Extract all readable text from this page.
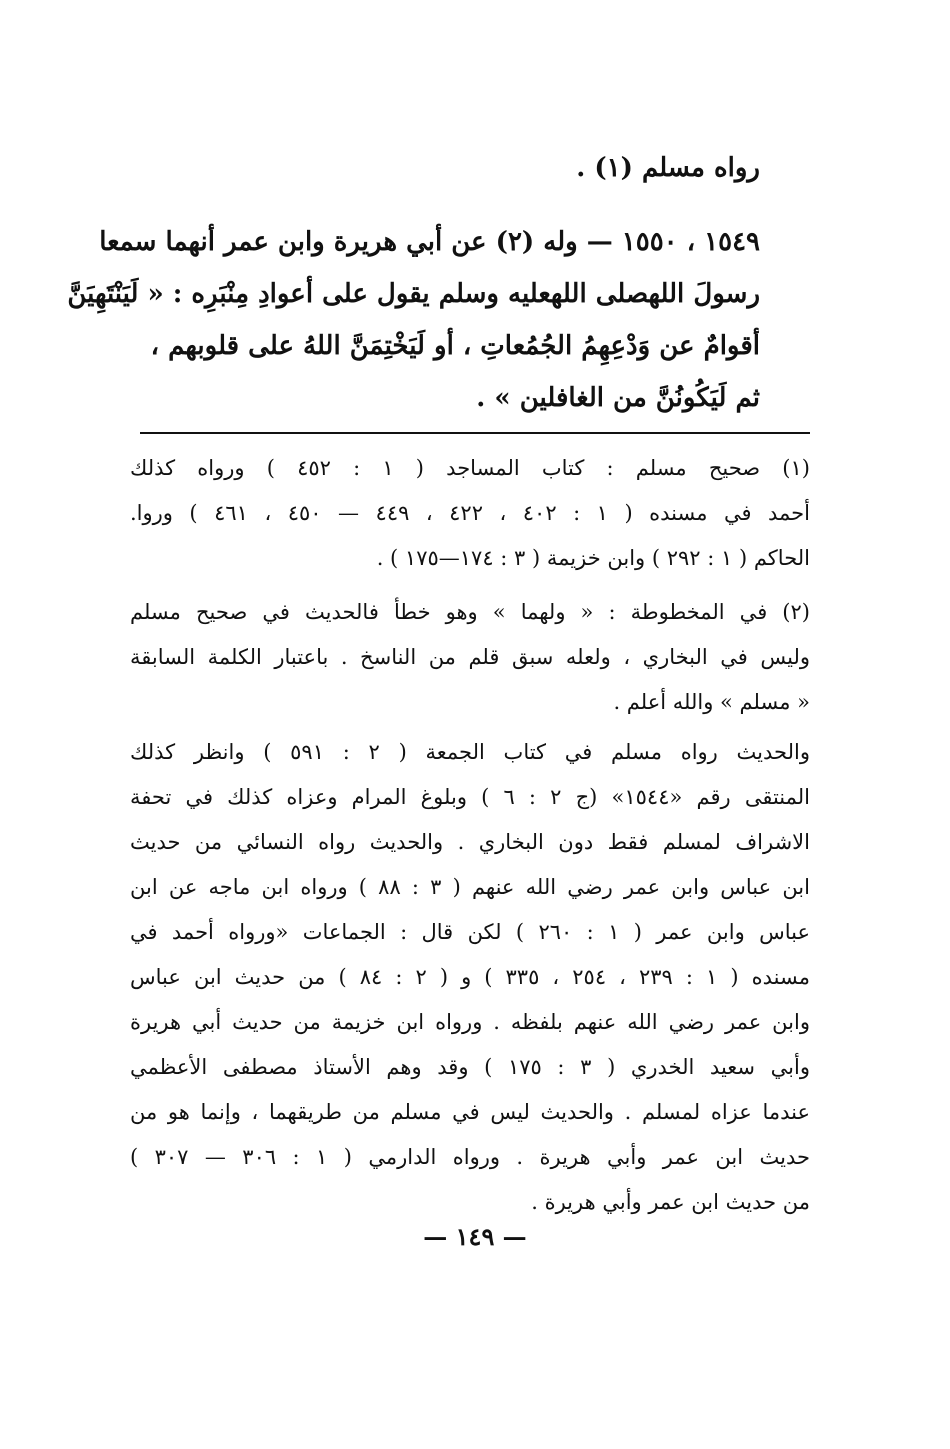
رواه مسلم (١) .
١٥٤٩ ، ١٥٥٠ — وله (٢) عن أبي هريرة وابن عمر أنهما سمعا
رسولَ اللهصلى اللهعليه وسلم يقول على أعوادِ مِنْبَرِه : « لَيَنْتَهِيَنَّ
أقوامٌ عن وَدْعِهِمُ الجُمُعاتِ ، أو لَيَخْتِمَنَّ اللهُ على قلوبهم ،
ثم لَيَكُونُنَّ من الغافلين » .
(١) صحيح مسلم : كتاب المساجد ( ١ : ٤٥٢ ) ورواه كذلك
أحمد في مسنده ( ١ : ٤٠٢ ، ٤٢٢ ، ٤٤٩ — ٤٥٠ ، ٤٦١ ) وروا.
الحاكم ( ١ : ٢٩٢ ) وابن خزيمة ( ٣ : ١٧٤—١٧٥ ) .
(٢) في المخطوطة : « ولهما » وهو خطأ فالحديث في صحيح مسلم
وليس في البخاري ، ولعله سبق قلم من الناسخ . باعتبار الكلمة السابقة
« مسلم » والله أعلم .
والحديث رواه مسلم في كتاب الجمعة ( ٢ : ٥٩١ ) وانظر كذلك
المنتقى رقم «١٥٤٤» (ج ٢ : ٦ ) وبلوغ المرام وعزاه كذلك في تحفة
الاشراف لمسلم فقط دون البخاري . والحديث رواه النسائي من حديث
ابن عباس وابن عمر رضي الله عنهم ( ٣ : ٨٨ ) ورواه ابن ماجه عن ابن
عباس وابن عمر ( ١ : ٢٦٠ ) لكن قال : الجماعات «ورواه أحمد في
مسنده ( ١ : ٢٣٩ ، ٢٥٤ ، ٣٣٥ ) و ( ٢ : ٨٤ ) من حديث ابن عباس
وابن عمر رضي الله عنهم بلفظه . ورواه ابن خزيمة من حديث أبي هريرة
وأبي سعيد الخدري ( ٣ : ١٧٥ ) وقد وهم الأستاذ مصطفى الأعظمي
عندما عزاه لمسلم . والحديث ليس في مسلم من طريقهما ، وإنما هو من
حديث ابن عمر وأبي هريرة . ورواه الدارمي ( ١ : ٣٠٦ — ٣٠٧ )
من حديث ابن عمر وأبي هريرة .
— ١٤٩ —
